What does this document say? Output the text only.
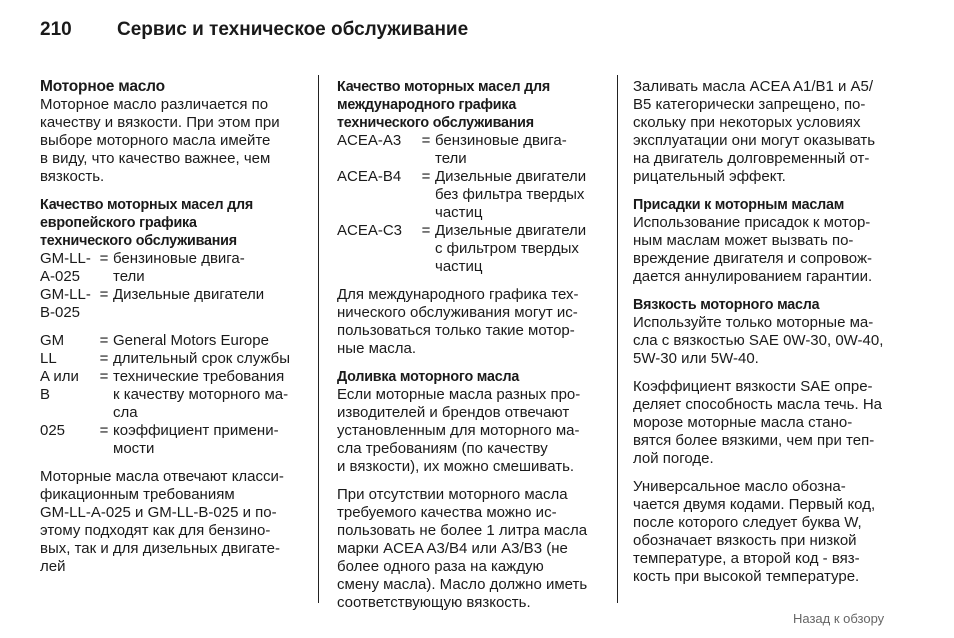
210 Сервис и техническое обслуживание
Моторное масло
Моторное масло различается по
качеству и вязкости. При этом при
выборе моторного масла имейте
в виду, что качество важнее, чем
вязкость.
Качество моторных масел для
европейского графика
технического обслуживания
GM-LL-
A-025
= бензиновые двига-
тели
GM-LL-
B-025
= Дизельные двигатели
GM	= General Motors Europe
LL	= длительный срок службы
A или
B
= технические требования
к качеству моторного ма-
сла
025	= коэффициент примени-
мости
Моторные масла отвечают класси-
фикационным требованиям
GM-LL-A-025 и GM-LL-B-025 и по-
этому подходят как для бензино-
вых, так и для дизельных двигате-
лей
Качество моторных масел для
международного графика
технического обслуживания
ACEA-A3	= бензиновые двига-
тели
ACEA-B4	= Дизельные двигатели
без фильтра твердых
частиц
ACEA-C3	= Дизельные двигатели
с фильтром твердых
частиц
Для международного графика тех-
нического обслуживания могут ис-
пользоваться только такие мотор-
ные масла.
Доливка моторного масла
Если моторные масла разных про-
изводителей и брендов отвечают
установленным для моторного ма-
сла требованиям (по качеству
и вязкости), их можно смешивать.
При отсутствии моторного масла
требуемого качества можно ис-
пользовать не более 1 литра масла
марки ACEA A3/B4 или A3/B3 (не
более одного раза на каждую
смену масла). Масло должно иметь
соответствующую вязкость.
Заливать масла ACEA A1/B1 и A5/
B5 категорически запрещено, по-
скольку при некоторых условиях
эксплуатации они могут оказывать
на двигатель долговременный от-
рицательный эффект.
Присадки к моторным маслам
Использование присадок к мотор-
ным маслам может вызвать по-
вреждение двигателя и сопровож-
дается аннулированием гарантии.
Вязкость моторного масла
Используйте только моторные ма-
сла с вязкостью SAE 0W-30, 0W-40,
5W-30 или 5W-40.
Коэффициент вязкости SAE опре-
деляет способность масла течь. На
морозе моторные масла стано-
вятся более вязкими, чем при теп-
лой погоде.
Универсальное масло обозна-
чается двумя кодами. Первый код,
после которого следует буква W,
обозначает вязкость при низкой
температуре, а второй код - вяз-
кость при высокой температуре.
Назад к обзору
